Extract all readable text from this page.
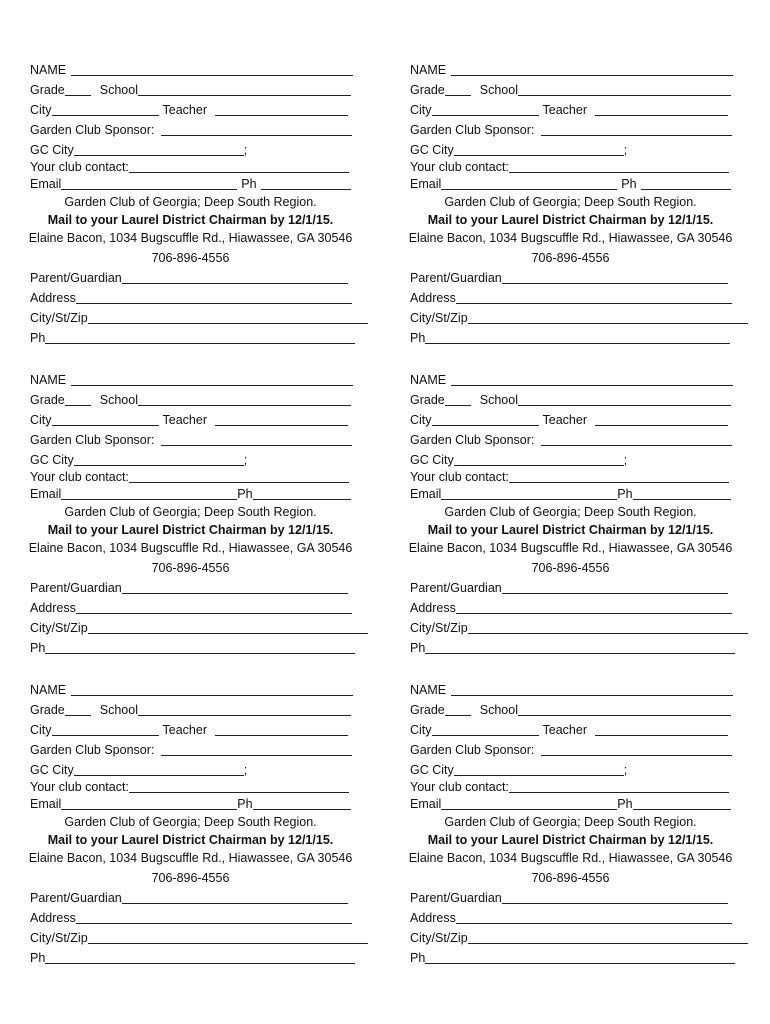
NAME
Grade	School
City	Teacher
Garden Club Sponsor:
GC City	;
Your club contact:
Email	Ph
Garden Club of Georgia; Deep South Region.
Mail to your Laurel District Chairman by 12/1/15.
Elaine Bacon, 1034 Bugscuffle Rd., Hiawassee, GA 30546
706-896-4556
Parent/Guardian
Address
City/St/Zip
Ph
NAME
Grade	School
City	Teacher
Garden Club Sponsor:
GC City	;
Your club contact:
Email	Ph
Garden Club of Georgia; Deep South Region.
Mail to your Laurel District Chairman by 12/1/15.
Elaine Bacon, 1034 Bugscuffle Rd., Hiawassee, GA 30546
706-896-4556
Parent/Guardian
Address
City/St/Zip
Ph
NAME
Grade	School
City	Teacher
Garden Club Sponsor:
GC City	;
Your club contact:
Email	Ph
Garden Club of Georgia; Deep South Region.
Mail to your Laurel District Chairman by 12/1/15.
Elaine Bacon, 1034 Bugscuffle Rd., Hiawassee, GA 30546
706-896-4556
Parent/Guardian
Address
City/St/Zip
Ph
NAME
Grade	School
City	Teacher
Garden Club Sponsor:
GC City	;
Your club contact:
Email	Ph
Garden Club of Georgia; Deep South Region.
Mail to your Laurel District Chairman by 12/1/15.
Elaine Bacon, 1034 Bugscuffle Rd., Hiawassee, GA 30546
706-896-4556
Parent/Guardian
Address
City/St/Zip
Ph
NAME
Grade	School
City	Teacher
Garden Club Sponsor:
GC City	;
Your club contact:
Email	Ph
Garden Club of Georgia; Deep South Region.
Mail to your Laurel District Chairman by 12/1/15.
Elaine Bacon, 1034 Bugscuffle Rd., Hiawassee, GA 30546
706-896-4556
Parent/Guardian
Address
City/St/Zip
Ph
NAME
Grade	School
City	Teacher
Garden Club Sponsor:
GC City	;
Your club contact:
Email	Ph
Garden Club of Georgia; Deep South Region.
Mail to your Laurel District Chairman by 12/1/15.
Elaine Bacon, 1034 Bugscuffle Rd., Hiawassee, GA 30546
706-896-4556
Parent/Guardian
Address
City/St/Zip
Ph
